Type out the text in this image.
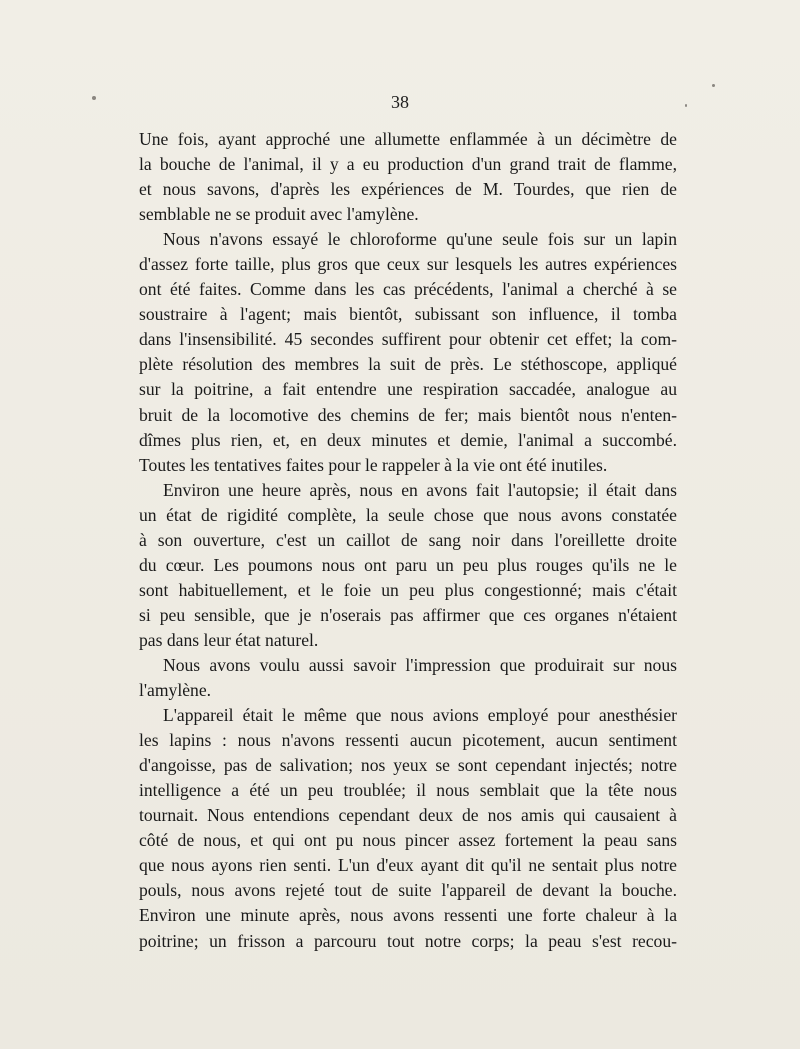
38

Une fois, ayant approché une allumette enflammée à un décimètre de
la bouche de l'animal, il y a eu production d'un grand trait de flamme,
et nous savons, d'après les expériences de M. Tourdes, que rien de
semblable ne se produit avec l'amylène.
Nous n'avons essayé le chloroforme qu'une seule fois sur un lapin
d'assez forte taille, plus gros que ceux sur lesquels les autres expériences
ont été faites. Comme dans les cas précédents, l'animal a cherché à se
soustraire à l'agent; mais bientôt, subissant son influence, il tomba
dans l'insensibilité. 45 secondes suffirent pour obtenir cet effet; la com-
plète résolution des membres la suit de près. Le stéthoscope, appliqué
sur la poitrine, a fait entendre une respiration saccadée, analogue au
bruit de la locomotive des chemins de fer; mais bientôt nous n'enten-
dîmes plus rien, et, en deux minutes et demie, l'animal a succombé.
Toutes les tentatives faites pour le rappeler à la vie ont été inutiles.
Environ une heure après, nous en avons fait l'autopsie; il était dans
un état de rigidité complète, la seule chose que nous avons constatée
à son ouverture, c'est un caillot de sang noir dans l'oreillette droite
du cœur. Les poumons nous ont paru un peu plus rouges qu'ils ne le
sont habituellement, et le foie un peu plus congestionné; mais c'était
si peu sensible, que je n'oserais pas affirmer que ces organes n'étaient
pas dans leur état naturel.
Nous avons voulu aussi savoir l'impression que produirait sur nous
l'amylène.
L'appareil était le même que nous avions employé pour anesthésier
les lapins : nous n'avons ressenti aucun picotement, aucun sentiment
d'angoisse, pas de salivation; nos yeux se sont cependant injectés; notre
intelligence a été un peu troublée; il nous semblait que la tête nous
tournait. Nous entendions cependant deux de nos amis qui causaient à
côté de nous, et qui ont pu nous pincer assez fortement la peau sans
que nous ayons rien senti. L'un d'eux ayant dit qu'il ne sentait plus notre
pouls, nous avons rejeté tout de suite l'appareil de devant la bouche.
Environ une minute après, nous avons ressenti une forte chaleur à la
poitrine; un frisson a parcouru tout notre corps; la peau s'est recou-
